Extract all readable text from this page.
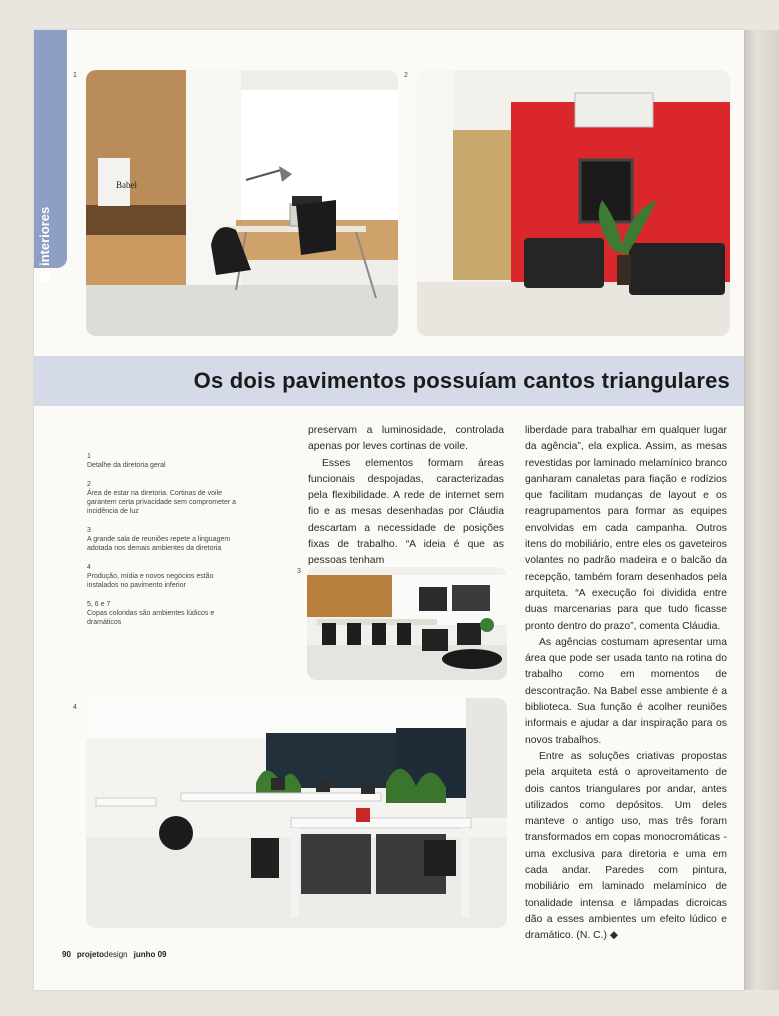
interiores
1	2
3
4
Babel
Os dois pavimentos possuíam cantos triangulares
1
Detalhe da diretoria geral
2
Área de estar na diretoria. Cortinas de voile garantem certa privacidade sem comprometer a incidência de luz
3
A grande sala de reuniões repete a linguagem adotada nos demais ambientes da diretoria
4
Produção, mídia e novos negócios estão instalados no pavimento inferior
5, 6 e 7
Copas coloridas são ambientes lúdicos e dramáticos

preservam a luminosidade, controlada apenas por leves cortinas de voile.

Esses elementos formam áreas funcionais despojadas, caracterizadas pela flexibilidade. A rede de internet sem fio e as mesas desenhadas por Cláudia descartam a necessidade de posições fixas de trabalho. “A ideia é que as pessoas tenham

liberdade para trabalhar em qualquer lugar da agência”, ela explica. Assim, as mesas revestidas por laminado melamínico branco ganharam canaletas para fiação e rodízios que facilitam mudanças de layout e os reagrupamentos para formar as equipes envolvidas em cada campanha. Outros itens do mobiliário, entre eles os gaveteiros volantes no padrão madeira e o balcão da recepção, também foram desenhados pela arquiteta. “A execução foi dividida entre duas marcenarias para que tudo ficasse pronto dentro do prazo”, comenta Cláudia.

As agências costumam apresentar uma área que pode ser usada tanto na rotina do trabalho como em momentos de descontração. Na Babel esse ambiente é a biblioteca. Sua função é acolher reuniões informais e ajudar a dar inspiração para os novos trabalhos.

Entre as soluções criativas propostas pela arquiteta está o aproveitamento de dois cantos triangulares por andar, antes utilizados como depósitos. Um deles manteve o antigo uso, mas três foram transformados em copas monocromáticas - uma exclusiva para diretoria e uma em cada andar. Paredes com pintura, mobiliário em laminado melamínico de tonalidade intensa e lâmpadas dicroicas dão a esses ambientes um efeito lúdico e dramático. (N. C.) ◆

90 projetodesign junho 09
